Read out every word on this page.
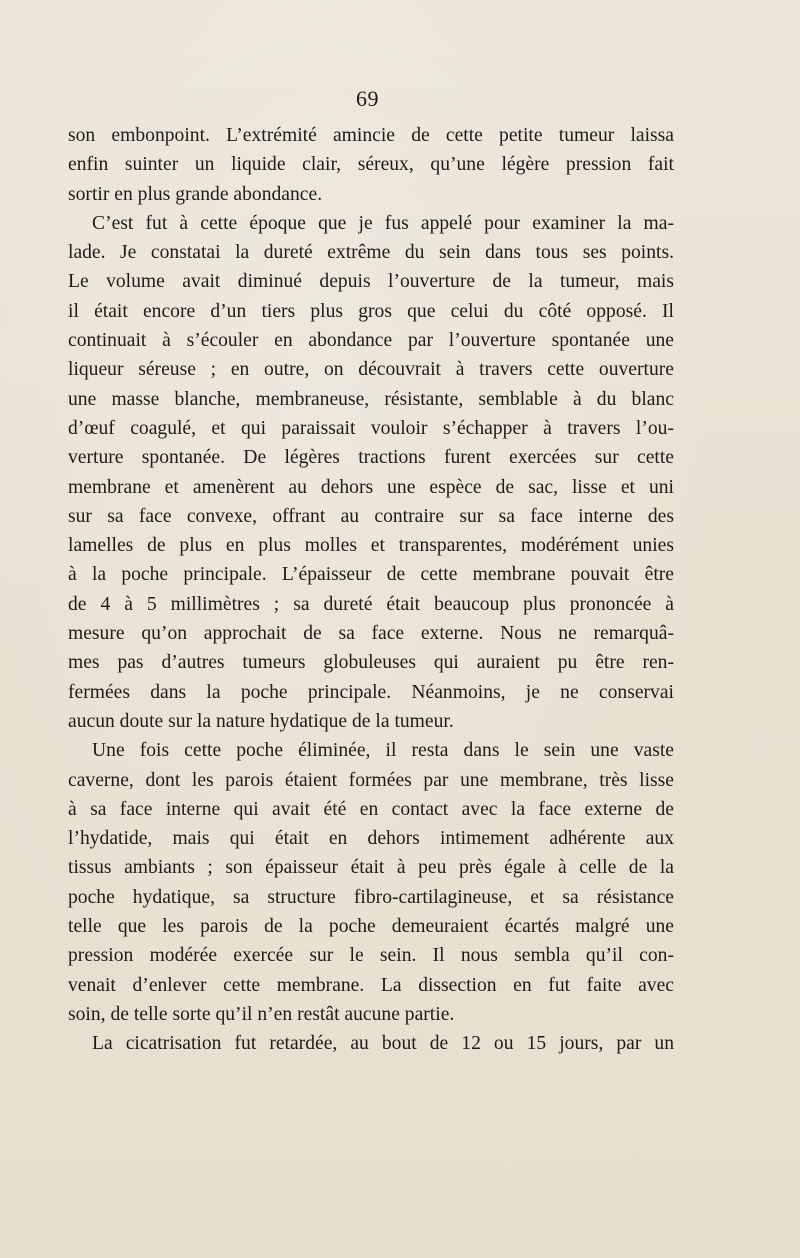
69
son embonpoint. L’extrémité amincie de cette petite tumeur laissa
enfin suinter un liquide clair, séreux, qu’une légère pression fait
sortir en plus grande abondance.
C’est fut à cette époque que je fus appelé pour examiner la ma-
lade. Je constatai la dureté extrême du sein dans tous ses points.
Le volume avait diminué depuis l’ouverture de la tumeur, mais
il était encore d’un tiers plus gros que celui du côté opposé. Il
continuait à s’écouler en abondance par l’ouverture spontanée une
liqueur séreuse ; en outre, on découvrait à travers cette ouverture
une masse blanche, membraneuse, résistante, semblable à du blanc
d’œuf coagulé, et qui paraissait vouloir s’échapper à travers l’ou-
verture spontanée. De légères tractions furent exercées sur cette
membrane et amenèrent au dehors une espèce de sac, lisse et uni
sur sa face convexe, offrant au contraire sur sa face interne des
lamelles de plus en plus molles et transparentes, modérément unies
à la poche principale. L’épaisseur de cette membrane pouvait être
de 4 à 5 millimètres ; sa dureté était beaucoup plus prononcée à
mesure qu’on approchait de sa face externe. Nous ne remarquâ-
mes pas d’autres tumeurs globuleuses qui auraient pu être ren-
fermées dans la poche principale. Néanmoins, je ne conservai
aucun doute sur la nature hydatique de la tumeur.
Une fois cette poche éliminée, il resta dans le sein une vaste
caverne, dont les parois étaient formées par une membrane, très lisse
à sa face interne qui avait été en contact avec la face externe de
l’hydatide, mais qui était en dehors intimement adhérente aux
tissus ambiants ; son épaisseur était à peu près égale à celle de la
poche hydatique, sa structure fibro-cartilagineuse, et sa résistance
telle que les parois de la poche demeuraient écartés malgré une
pression modérée exercée sur le sein. Il nous sembla qu’il con-
venait d’enlever cette membrane. La dissection en fut faite avec
soin, de telle sorte qu’il n’en restât aucune partie.
La cicatrisation fut retardée, au bout de 12 ou 15 jours, par un
